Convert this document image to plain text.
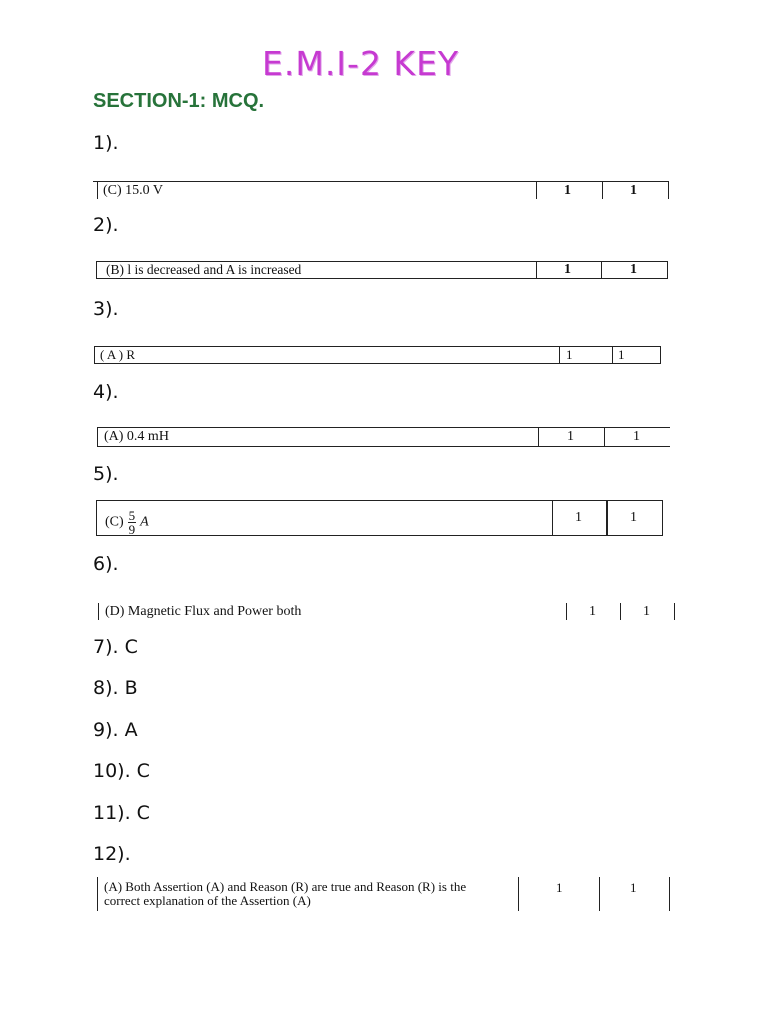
E.M.I-2 KEY
SECTION-1: MCQ.
1).
(C) 15.0 V	1	1
2).
(B) l is decreased and A is increased	1	1
3).
( A ) R	1	1
4).
(A) 0.4 mH	1	1
5).
$(C) \frac{5}{9}$ A	1	1
6).
(D) Magnetic Flux and Power both	1	1
7). C
8). B
9). A
10). C
11). C
12).
(A) Both Assertion (A) and Reason (R) are true and Reason (R) is the
correct explanation of the Assertion (A)
1	1
